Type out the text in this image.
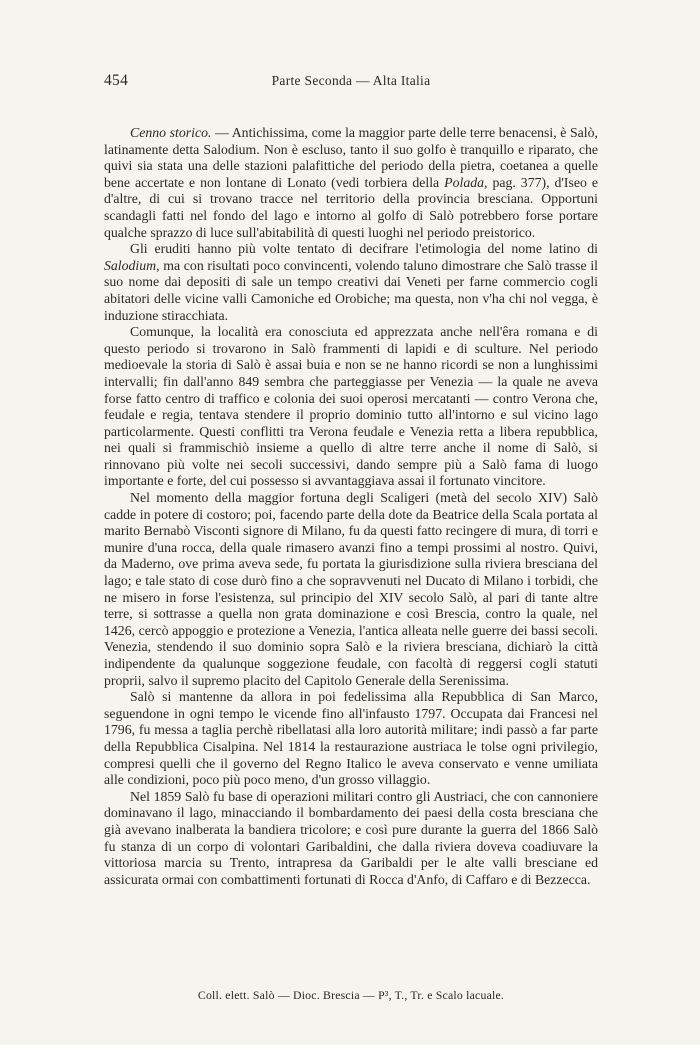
454	Parte Seconda — Alta Italia

Cenno storico. — Antichissima, come la maggior parte delle terre benacensi, è Salò, latinamente detta Salodium. Non è escluso, tanto il suo golfo è tranquillo e riparato, che quivi sia stata una delle stazioni palafittiche del periodo della pietra, coetanea a quelle bene accertate e non lontane di Lonato (vedi torbiera della Polada, pag. 377), d'Iseo e d'altre, di cui si trovano tracce nel territorio della provincia bresciana. Opportuni scandagli fatti nel fondo del lago e intorno al golfo di Salò potrebbero forse portare qualche sprazzo di luce sull'abitabilità di questi luoghi nel periodo preistorico.

Gli eruditi hanno più volte tentato di decifrare l'etimologia del nome latino di Salodium, ma con risultati poco convincenti, volendo taluno dimostrare che Salò trasse il suo nome dai depositi di sale un tempo creativi dai Veneti per farne commercio cogli abitatori delle vicine valli Camoniche ed Orobiche; ma questa, non v'ha chi nol vegga, è induzione stiracchiata.

Comunque, la località era conosciuta ed apprezzata anche nell'êra romana e di questo periodo si trovarono in Salò frammenti di lapidi e di sculture. Nel periodo medioevale la storia di Salò è assai buia e non se ne hanno ricordi se non a lunghissimi intervalli; fin dall'anno 849 sembra che parteggiasse per Venezia — la quale ne aveva forse fatto centro di traffico e colonia dei suoi operosi mercatanti — contro Verona che, feudale e regia, tentava stendere il proprio dominio tutto all'intorno e sul vicino lago particolarmente. Questi conflitti tra Verona feudale e Venezia retta a libera repubblica, nei quali si frammischiò insieme a quello di altre terre anche il nome di Salò, si rinnovano più volte nei secoli successivi, dando sempre più a Salò fama di luogo importante e forte, del cui possesso si avvantaggiava assai il fortunato vincitore.

Nel momento della maggior fortuna degli Scaligeri (metà del secolo XIV) Salò cadde in potere di costoro; poi, facendo parte della dote da Beatrice della Scala portata al marito Bernabò Visconti signore di Milano, fu da questi fatto recingere di mura, di torri e munire d'una rocca, della quale rimasero avanzi fino a tempi prossimi al nostro. Quivi, da Maderno, ove prima aveva sede, fu portata la giurisdizione sulla riviera bresciana del lago; e tale stato di cose durò fino a che sopravvenuti nel Ducato di Milano i torbidi, che ne misero in forse l'esistenza, sul principio del XIV secolo Salò, al pari di tante altre terre, si sottrasse a quella non grata dominazione e così Brescia, contro la quale, nel 1426, cercò appoggio e protezione a Venezia, l'antica alleata nelle guerre dei bassi secoli. Venezia, stendendo il suo dominio sopra Salò e la riviera bresciana, dichiarò la città indipendente da qualunque soggezione feudale, con facoltà di reggersi cogli statuti proprii, salvo il supremo placito del Capitolo Generale della Serenissima.

Salò si mantenne da allora in poi fedelissima alla Repubblica di San Marco, seguendone in ogni tempo le vicende fino all'infausto 1797. Occupata dai Francesi nel 1796, fu messa a taglia perchè ribellatasi alla loro autorità militare; indi passò a far parte della Repubblica Cisalpina. Nel 1814 la restaurazione austriaca le tolse ogni privilegio, compresi quelli che il governo del Regno Italico le aveva conservato e venne umiliata alle condizioni, poco più poco meno, d'un grosso villaggio.

Nel 1859 Salò fu base di operazioni militari contro gli Austriaci, che con cannoniere dominavano il lago, minacciando il bombardamento dei paesi della costa bresciana che già avevano inalberata la bandiera tricolore; e così pure durante la guerra del 1866 Salò fu stanza di un corpo di volontari Garibaldini, che dalla riviera doveva coadiuvare la vittoriosa marcia su Trento, intrapresa da Garibaldi per le alte valli bresciane ed assicurata ormai con combattimenti fortunati di Rocca d'Anfo, di Caffaro e di Bezzecca.

Coll. elett. Salò — Dioc. Brescia — P³, T., Tr. e Scalo lacuale.
